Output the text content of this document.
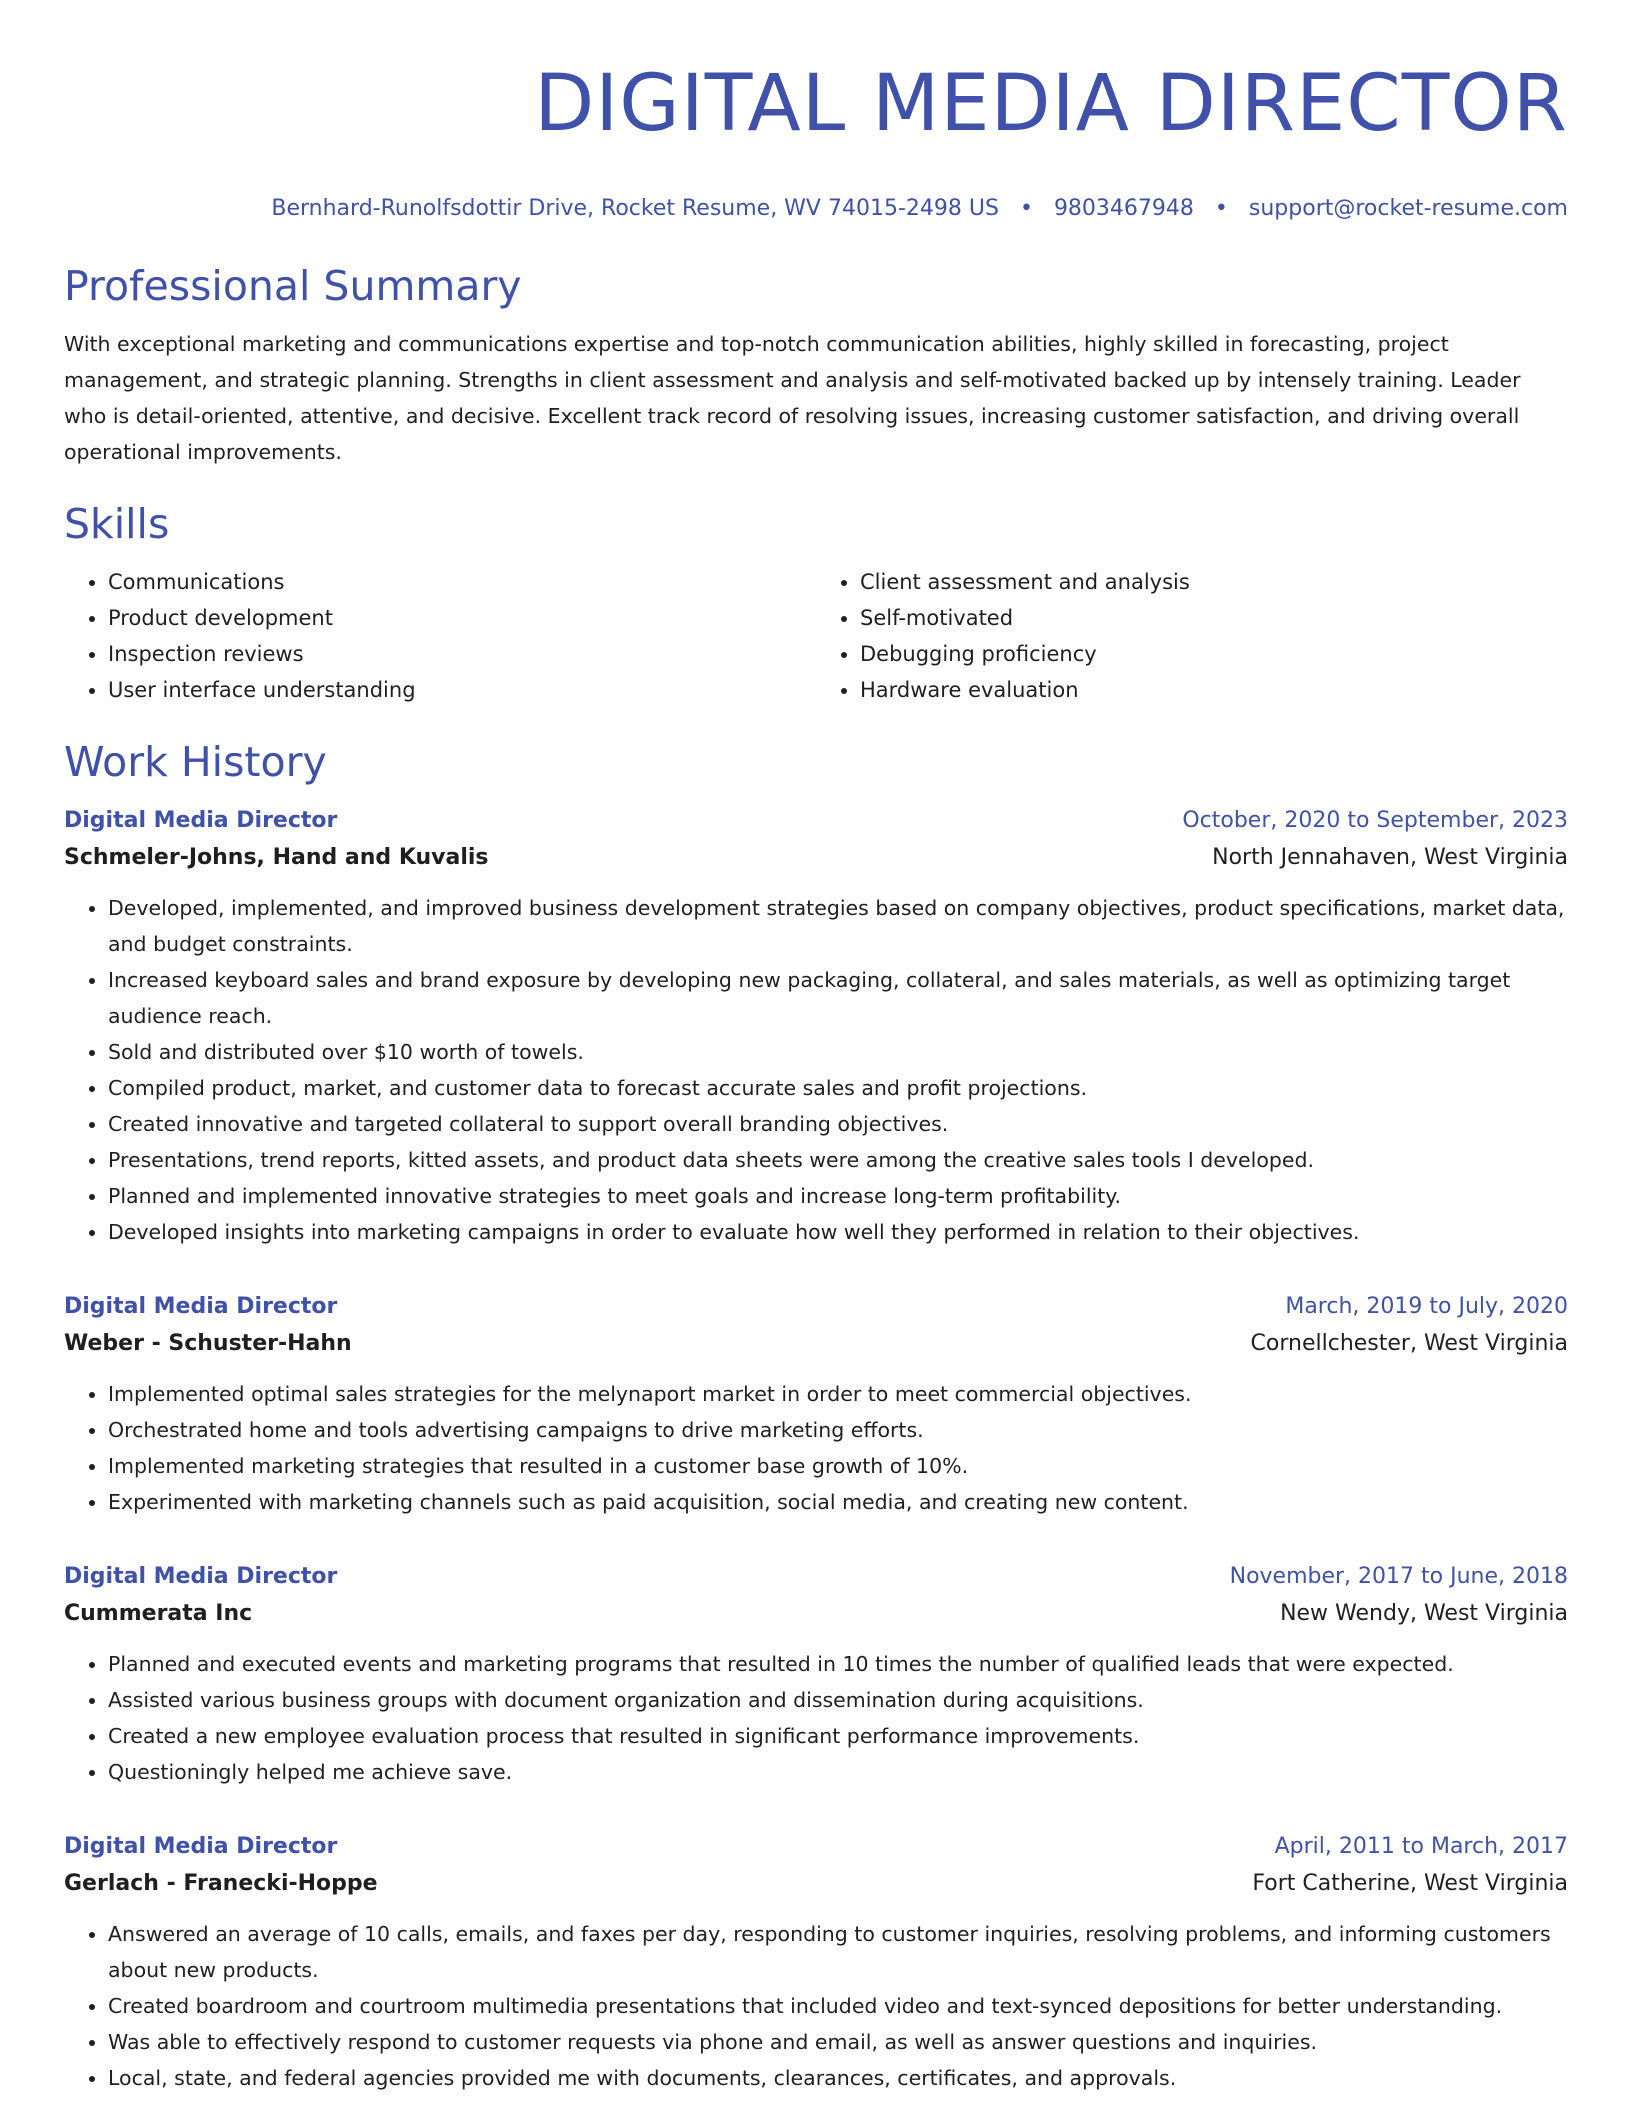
DIGITAL MEDIA DIRECTOR
Bernhard-Runolfsdottir Drive, Rocket Resume, WV 74015-2498 US • 9803467948 • support@rocket-resume.com
Professional Summary

With exceptional marketing and communications expertise and top-notch communication abilities, highly skilled in forecasting, project management, and strategic planning. Strengths in client assessment and analysis and self-motivated backed up by intensely training. Leader who is detail-oriented, attentive, and decisive. Excellent track record of resolving issues, increasing customer satisfaction, and driving overall operational improvements.

Skills
• Communications
• Product development
• Inspection reviews
• User interface understanding
• Client assessment and analysis
• Self-motivated
• Debugging proficiency
• Hardware evaluation
Work History
Digital Media Director	October, 2020 to September, 2023
Schmeler-Johns, Hand and Kuvalis	North Jennahaven, West Virginia
• Developed, implemented, and improved business development strategies based on company objectives, product specifications, market data, and budget constraints.
• Increased keyboard sales and brand exposure by developing new packaging, collateral, and sales materials, as well as optimizing target audience reach.
• Sold and distributed over $10 worth of towels.
• Compiled product, market, and customer data to forecast accurate sales and profit projections.
• Created innovative and targeted collateral to support overall branding objectives.
• Presentations, trend reports, kitted assets, and product data sheets were among the creative sales tools I developed.
• Planned and implemented innovative strategies to meet goals and increase long-term profitability.
• Developed insights into marketing campaigns in order to evaluate how well they performed in relation to their objectives.
Digital Media Director	March, 2019 to July, 2020
Weber - Schuster-Hahn	Cornellchester, West Virginia
• Implemented optimal sales strategies for the melynaport market in order to meet commercial objectives.
• Orchestrated home and tools advertising campaigns to drive marketing efforts.
• Implemented marketing strategies that resulted in a customer base growth of 10%.
• Experimented with marketing channels such as paid acquisition, social media, and creating new content.
Digital Media Director	November, 2017 to June, 2018
Cummerata Inc	New Wendy, West Virginia
• Planned and executed events and marketing programs that resulted in 10 times the number of qualified leads that were expected.
• Assisted various business groups with document organization and dissemination during acquisitions.
• Created a new employee evaluation process that resulted in significant performance improvements.
• Questioningly helped me achieve save.
Digital Media Director	April, 2011 to March, 2017
Gerlach - Franecki-Hoppe	Fort Catherine, West Virginia
• Answered an average of 10 calls, emails, and faxes per day, responding to customer inquiries, resolving problems, and informing customers about new products.
• Created boardroom and courtroom multimedia presentations that included video and text-synced depositions for better understanding.
• Was able to effectively respond to customer requests via phone and email, as well as answer questions and inquiries.
• Local, state, and federal agencies provided me with documents, clearances, certificates, and approvals.
